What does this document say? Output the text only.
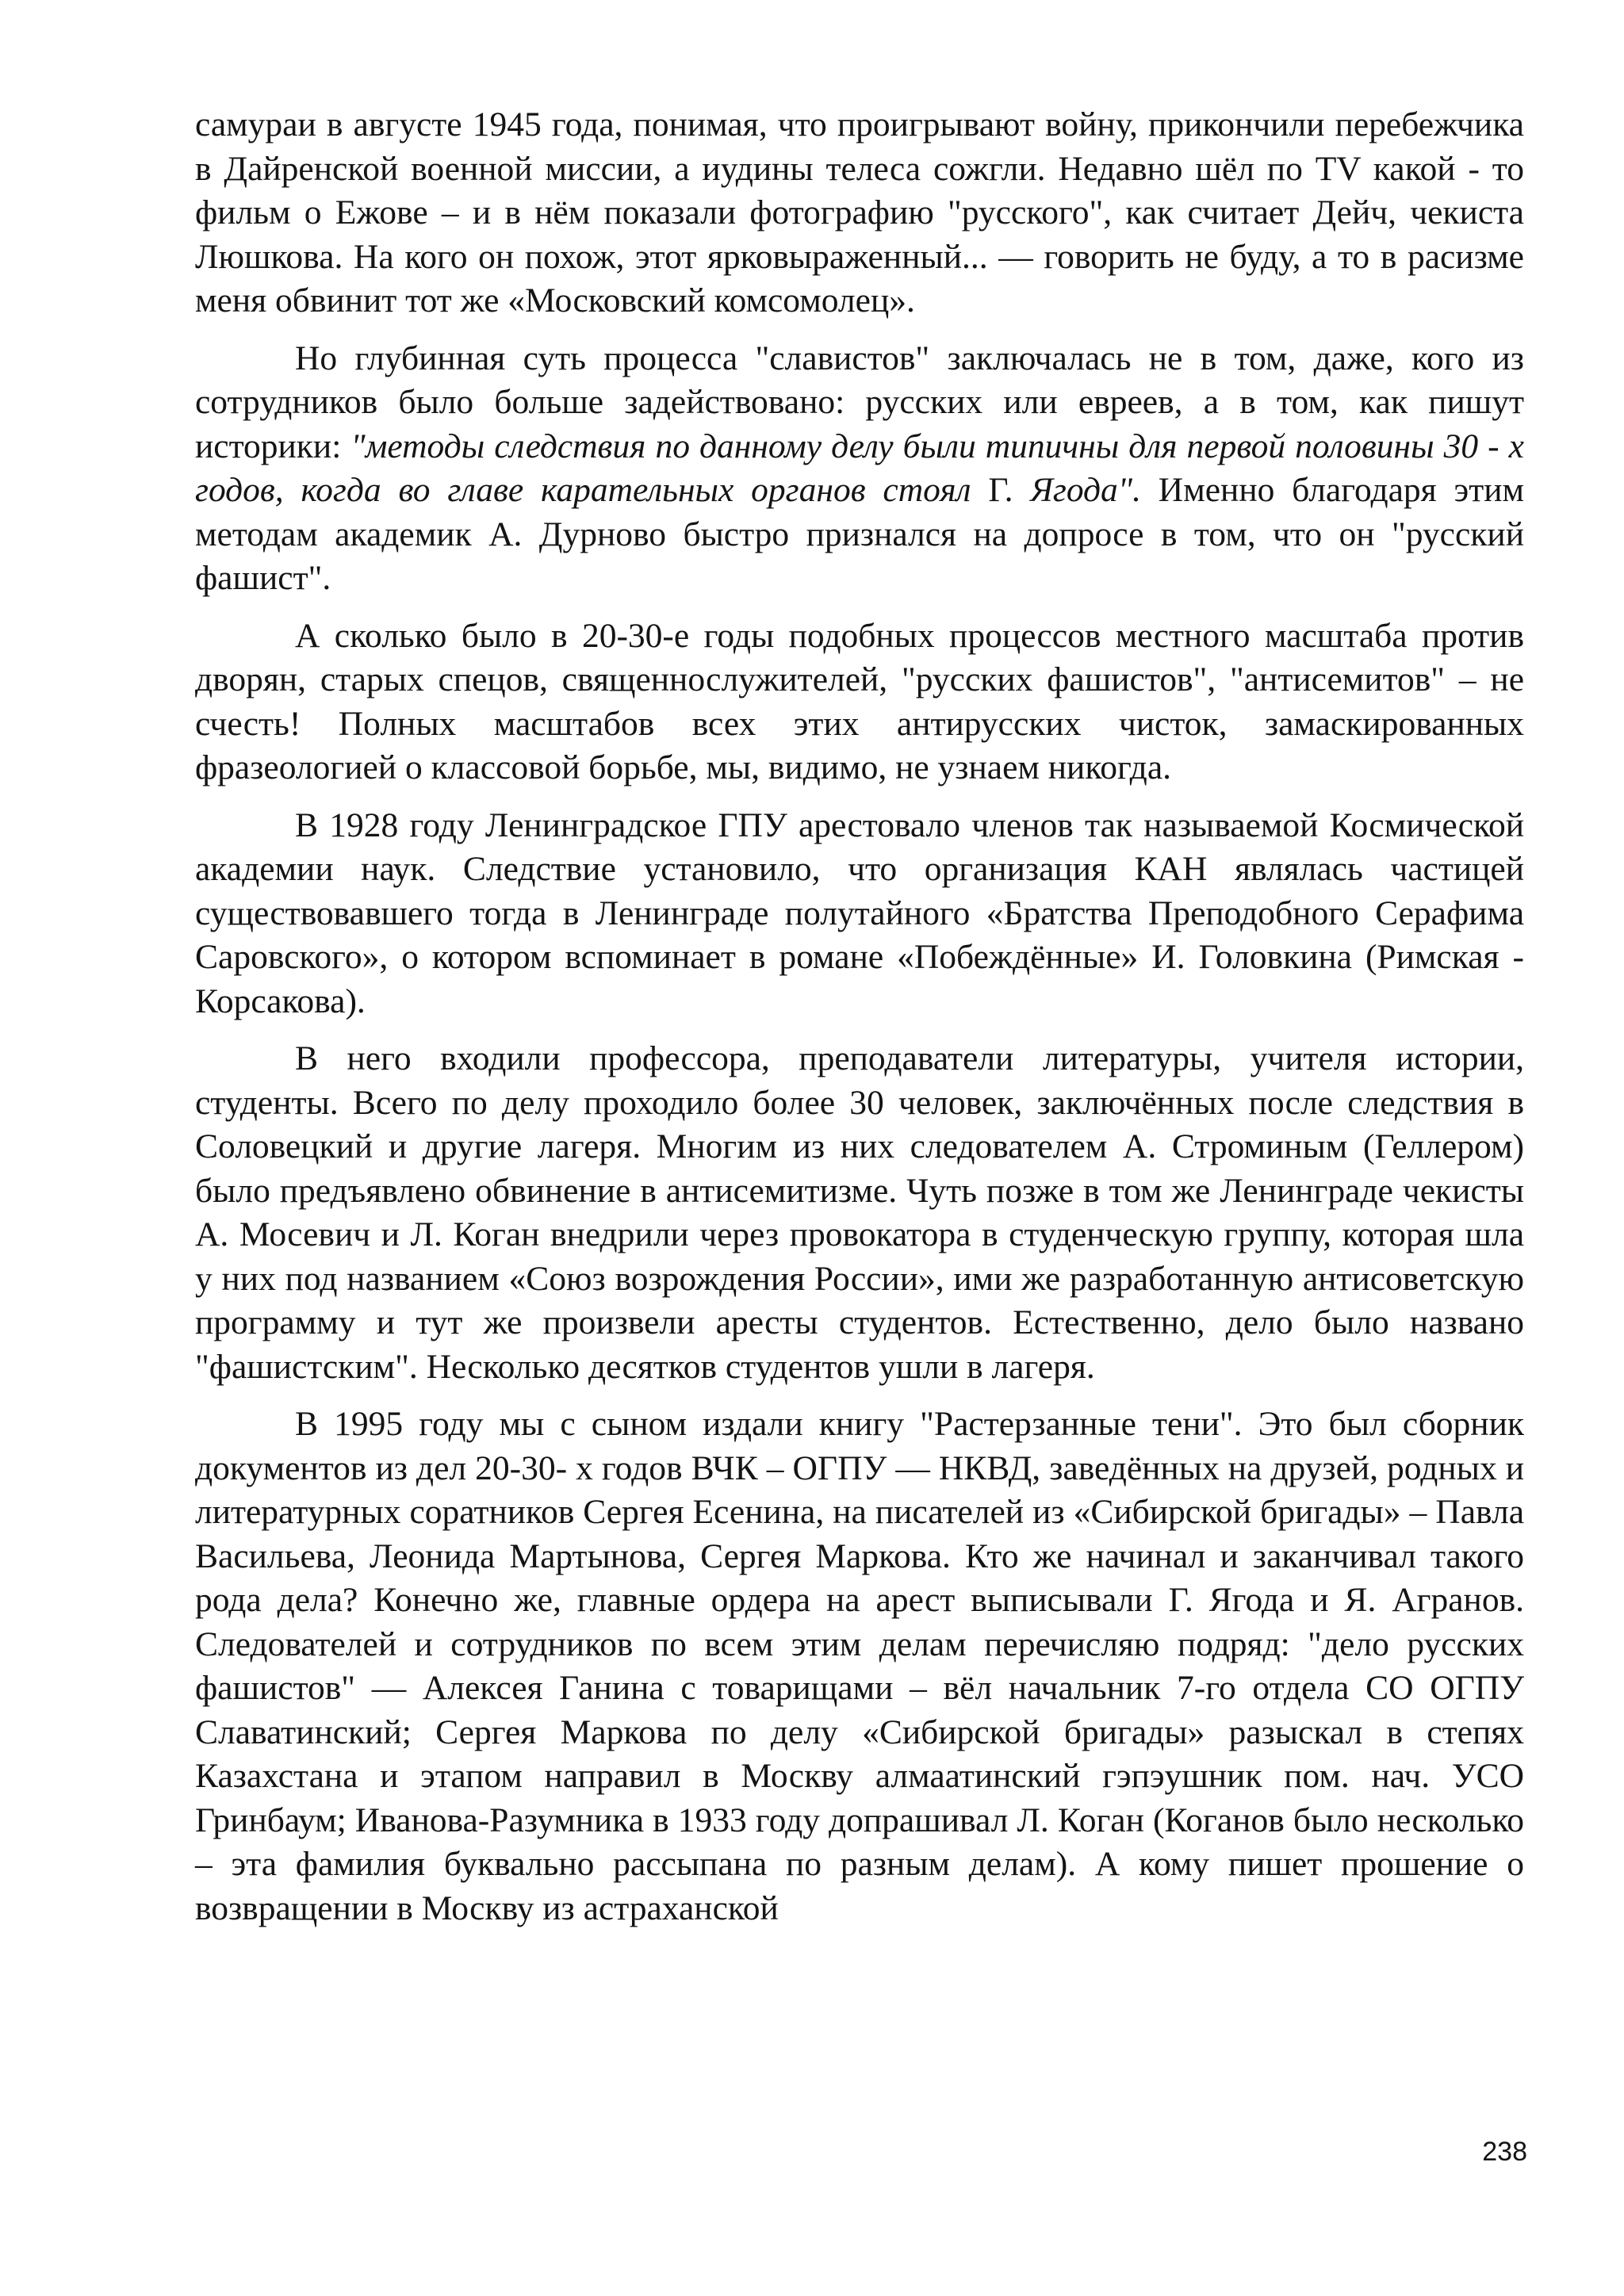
самураи в августе 1945 года, понимая, что проигрывают войну, прикончили перебежчика в Дайренской военной миссии, а иудины телеса сожгли. Недавно шёл по TV какой - то фильм о Ежове – и в нём показали фотографию "русского", как считает Дейч, чекиста Люшкова. На кого он похож, этот ярковыраженный... — говорить не буду, а то в расизме меня обвинит тот же «Московский комсомолец».

Но глубинная суть процесса "славистов" заключалась не в том, даже, кого из сотрудников было больше задействовано: русских или евреев, а в том, как пишут историки: "методы следствия по данному делу были типичны для первой половины 30 - х годов, когда во главе карательных органов стоял Г. Ягода". Именно благодаря этим методам академик А. Дурново быстро признался на допросе в том, что он "русский фашист".

А сколько было в 20-30-е годы подобных процессов местного масштаба против дворян, старых спецов, священнослужителей, "русских фашистов", "антисемитов" – не счесть! Полных масштабов всех этих антирусских чисток, замаскированных фразеологией о классовой борьбе, мы, видимо, не узнаем никогда.

В 1928 году Ленинградское ГПУ арестовало членов так называемой Космической академии наук. Следствие установило, что организация КАН являлась частицей существовавшего тогда в Ленинграде полутайного «Братства Преподобного Серафима Саровского», о котором вспоминает в романе «Побеждённые» И. Головкина (Римская - Корсакова).

В него входили профессора, преподаватели литературы, учителя истории, студенты. Всего по делу проходило более 30 человек, заключённых после следствия в Соловецкий и другие лагеря. Многим из них следователем А. Строминым (Геллером) было предъявлено обвинение в антисемитизме. Чуть позже в том же Ленинграде чекисты А. Мосевич и Л. Коган внедрили через провокатора в студенческую группу, которая шла у них под названием «Союз возрождения России», ими же разработанную антисоветскую программу и тут же произвели аресты студентов. Естественно, дело было названо "фашистским". Несколько десятков студентов ушли в лагеря.

В 1995 году мы с сыном издали книгу "Растерзанные тени". Это был сборник документов из дел 20-30- х годов ВЧК – ОГПУ — НКВД, заведённых на друзей, родных и литературных соратников Сергея Есенина, на писателей из «Сибирской бригады» – Павла Васильева, Леонида Мартынова, Сергея Маркова. Кто же начинал и заканчивал такого рода дела? Конечно же, главные ордера на арест выписывали Г. Ягода и Я. Агранов. Следователей и сотрудников по всем этим делам перечисляю подряд: "дело русских фашистов" — Алексея Ганина с товарищами – вёл начальник 7-го отдела СО ОГПУ Славатинский; Сергея Маркова по делу «Сибирской бригады» разыскал в степях Казахстана и этапом направил в Москву алмаатинский гэпэушник пом. нач. УСО Гринбаум; Иванова-Разумника в 1933 году допрашивал Л. Коган (Коганов было несколько – эта фамилия буквально рассыпана по разным делам). А кому пишет прошение о возвращении в Москву из астраханской

238
